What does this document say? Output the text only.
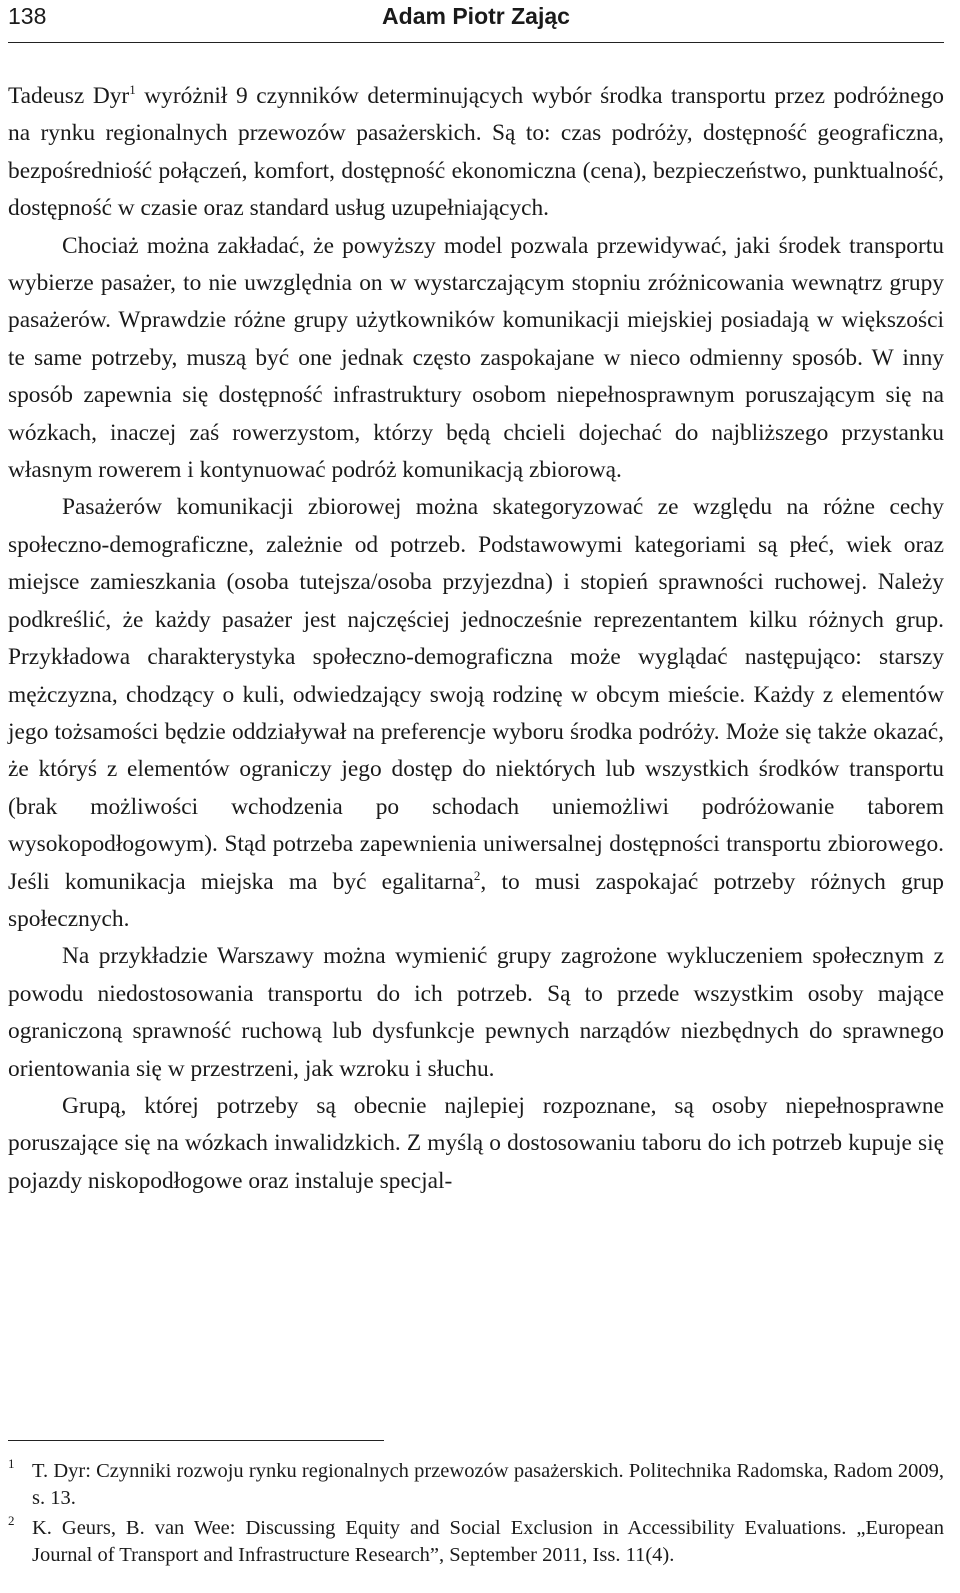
138	Adam Piotr Zając

Tadeusz Dyr$^1$ wyróżnił 9 czynników determinujących wybór środka transportu przez podróżnego na rynku regionalnych przewozów pasażerskich. Są to: czas podróży, dostępność geograficzna, bezpośredniość połączeń, komfort, dostępność ekonomiczna (cena), bezpieczeństwo, punktualność, dostępność w czasie oraz standard usług uzupełniających.

Chociaż można zakładać, że powyższy model pozwala przewidywać, jaki środek transportu wybierze pasażer, to nie uwzględnia on w wystarczającym stopniu zróżnicowania wewnątrz grupy pasażerów. Wprawdzie różne grupy użytkowników komunikacji miejskiej posiadają w większości te same potrzeby, muszą być one jednak często zaspokajane w nieco odmienny sposób. W inny sposób zapewnia się dostępność infrastruktury osobom niepełnosprawnym poruszającym się na wózkach, inaczej zaś rowerzystom, którzy będą chcieli dojechać do najbliższego przystanku własnym rowerem i kontynuować podróż komunikacją zbiorową.

Pasażerów komunikacji zbiorowej można skategoryzować ze względu na różne cechy społeczno-demograficzne, zależnie od potrzeb. Podstawowymi kategoriami są płeć, wiek oraz miejsce zamieszkania (osoba tutejsza/osoba przyjezdna) i stopień sprawności ruchowej. Należy podkreślić, że każdy pasażer jest najczęściej jednocześnie reprezentantem kilku różnych grup. Przykładowa charakterystyka społeczno-demograficzna może wyglądać następująco: starszy mężczyzna, chodzący o kuli, odwiedzający swoją rodzinę w obcym mieście. Każdy z elementów jego tożsamości będzie oddziaływał na preferencje wyboru środka podróży. Może się także okazać, że któryś z elementów ograniczy jego dostęp do niektórych lub wszystkich środków transportu (brak możliwości wchodzenia po schodach uniemożliwi podróżowanie taborem wysokopodłogowym). Stąd potrzeba zapewnienia uniwersalnej dostępności transportu zbiorowego. Jeśli komunikacja miejska ma być egalitarna$^2$, to musi zaspokajać potrzeby różnych grup społecznych.

Na przykładzie Warszawy można wymienić grupy zagrożone wykluczeniem społecznym z powodu niedostosowania transportu do ich potrzeb. Są to przede wszystkim osoby mające ograniczoną sprawność ruchową lub dysfunkcje pewnych narządów niezbędnych do sprawnego orientowania się w przestrzeni, jak wzroku i słuchu.

Grupą, której potrzeby są obecnie najlepiej rozpoznane, są osoby niepełnosprawne poruszające się na wózkach inwalidzkich. Z myślą o dostosowaniu taboru do ich potrzeb kupuje się pojazdy niskopodłogowe oraz instaluje specjal-

1 T. Dyr: Czynniki rozwoju rynku regionalnych przewozów pasażerskich. Politechnika Radomska, Radom 2009, s. 13.
2 K. Geurs, B. van Wee: Discussing Equity and Social Exclusion in Accessibility Evaluations. „European Journal of Transport and Infrastructure Research”, September 2011, Iss. 11(4).
